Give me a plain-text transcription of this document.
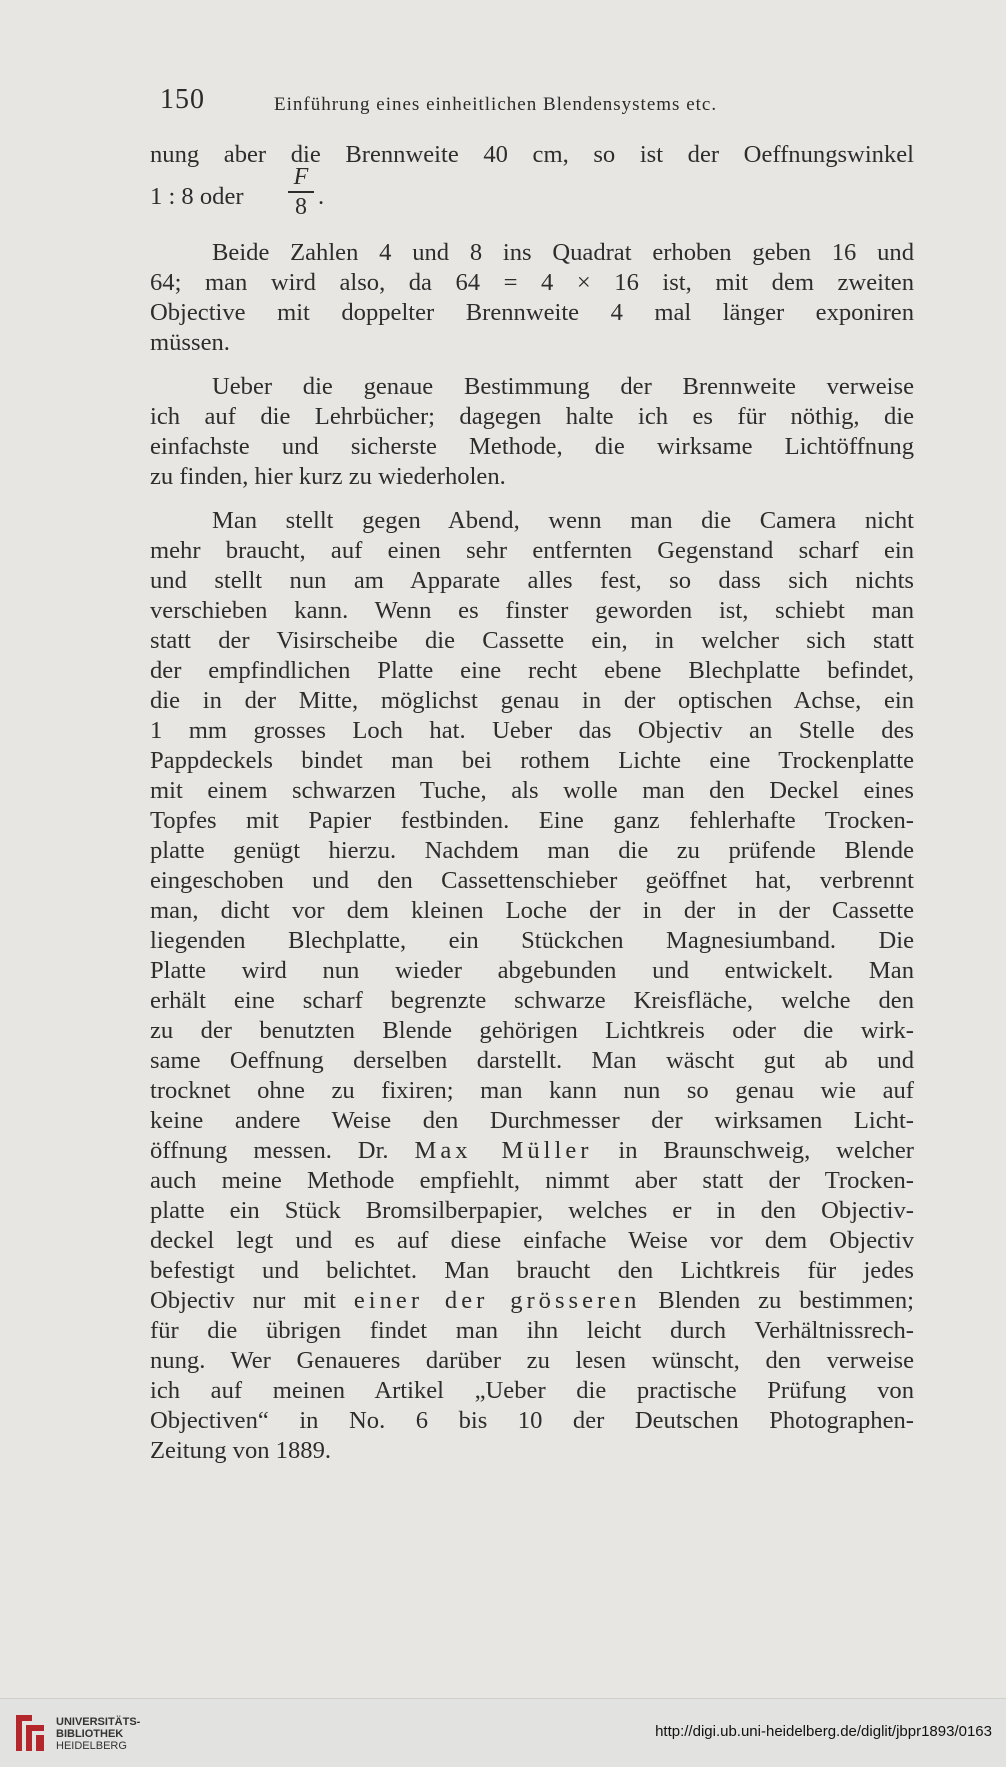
150	Einführung eines einheitlichen Blendensystems etc.
nung aber die Brennweite 40 cm, so ist der Oeffnungswinkel
1 : 8 oder
F
8 .
Beide Zahlen 4 und 8 ins Quadrat erhoben geben 16 und
64; man wird also, da 64 = 4 × 16 ist, mit dem zweiten
Objective mit doppelter Brennweite 4 mal länger exponiren
müssen.
Ueber die genaue Bestimmung der Brennweite verweise
ich auf die Lehrbücher; dagegen halte ich es für nöthig, die
einfachste und sicherste Methode, die wirksame Lichtöffnung
zu finden, hier kurz zu wiederholen.
Man stellt gegen Abend, wenn man die Camera nicht
mehr braucht, auf einen sehr entfernten Gegenstand scharf ein
und stellt nun am Apparate alles fest, so dass sich nichts
verschieben kann. Wenn es finster geworden ist, schiebt man
statt der Visirscheibe die Cassette ein, in welcher sich statt
der empfindlichen Platte eine recht ebene Blechplatte befindet,
die in der Mitte, möglichst genau in der optischen Achse, ein
1 mm grosses Loch hat. Ueber das Objectiv an Stelle des
Pappdeckels bindet man bei rothem Lichte eine Trockenplatte
mit einem schwarzen Tuche, als wolle man den Deckel eines
Topfes mit Papier festbinden. Eine ganz fehlerhafte Trocken-
platte genügt hierzu. Nachdem man die zu prüfende Blende
eingeschoben und den Cassettenschieber geöffnet hat, verbrennt
man, dicht vor dem kleinen Loche der in der in der Cassette
liegenden Blechplatte, ein Stückchen Magnesiumband. Die
Platte wird nun wieder abgebunden und entwickelt. Man
erhält eine scharf begrenzte schwarze Kreisfläche, welche den
zu der benutzten Blende gehörigen Lichtkreis oder die wirk-
same Oeffnung derselben darstellt. Man wäscht gut ab und
trocknet ohne zu fixiren; man kann nun so genau wie auf
keine andere Weise den Durchmesser der wirksamen Licht-
öffnung messen. Dr. Max Müller in Braunschweig, welcher
auch meine Methode empfiehlt, nimmt aber statt der Trocken-
platte ein Stück Bromsilberpapier, welches er in den Objectiv-
deckel legt und es auf diese einfache Weise vor dem Objectiv
befestigt und belichtet. Man braucht den Lichtkreis für jedes
Objectiv nur mit einer der grösseren Blenden zu bestimmen;
für die übrigen findet man ihn leicht durch Verhältnissrech-
nung. Wer Genaueres darüber zu lesen wünscht, den verweise
ich auf meinen Artikel „Ueber die practische Prüfung von
Objectiven“ in No. 6 bis 10 der Deutschen Photographen-
Zeitung von 1889.
UNIVERSITÄTS-
BIBLIOTHEK
HEIDELBERG
http://digi.ub.uni-heidelberg.de/diglit/jbpr1893/0163
